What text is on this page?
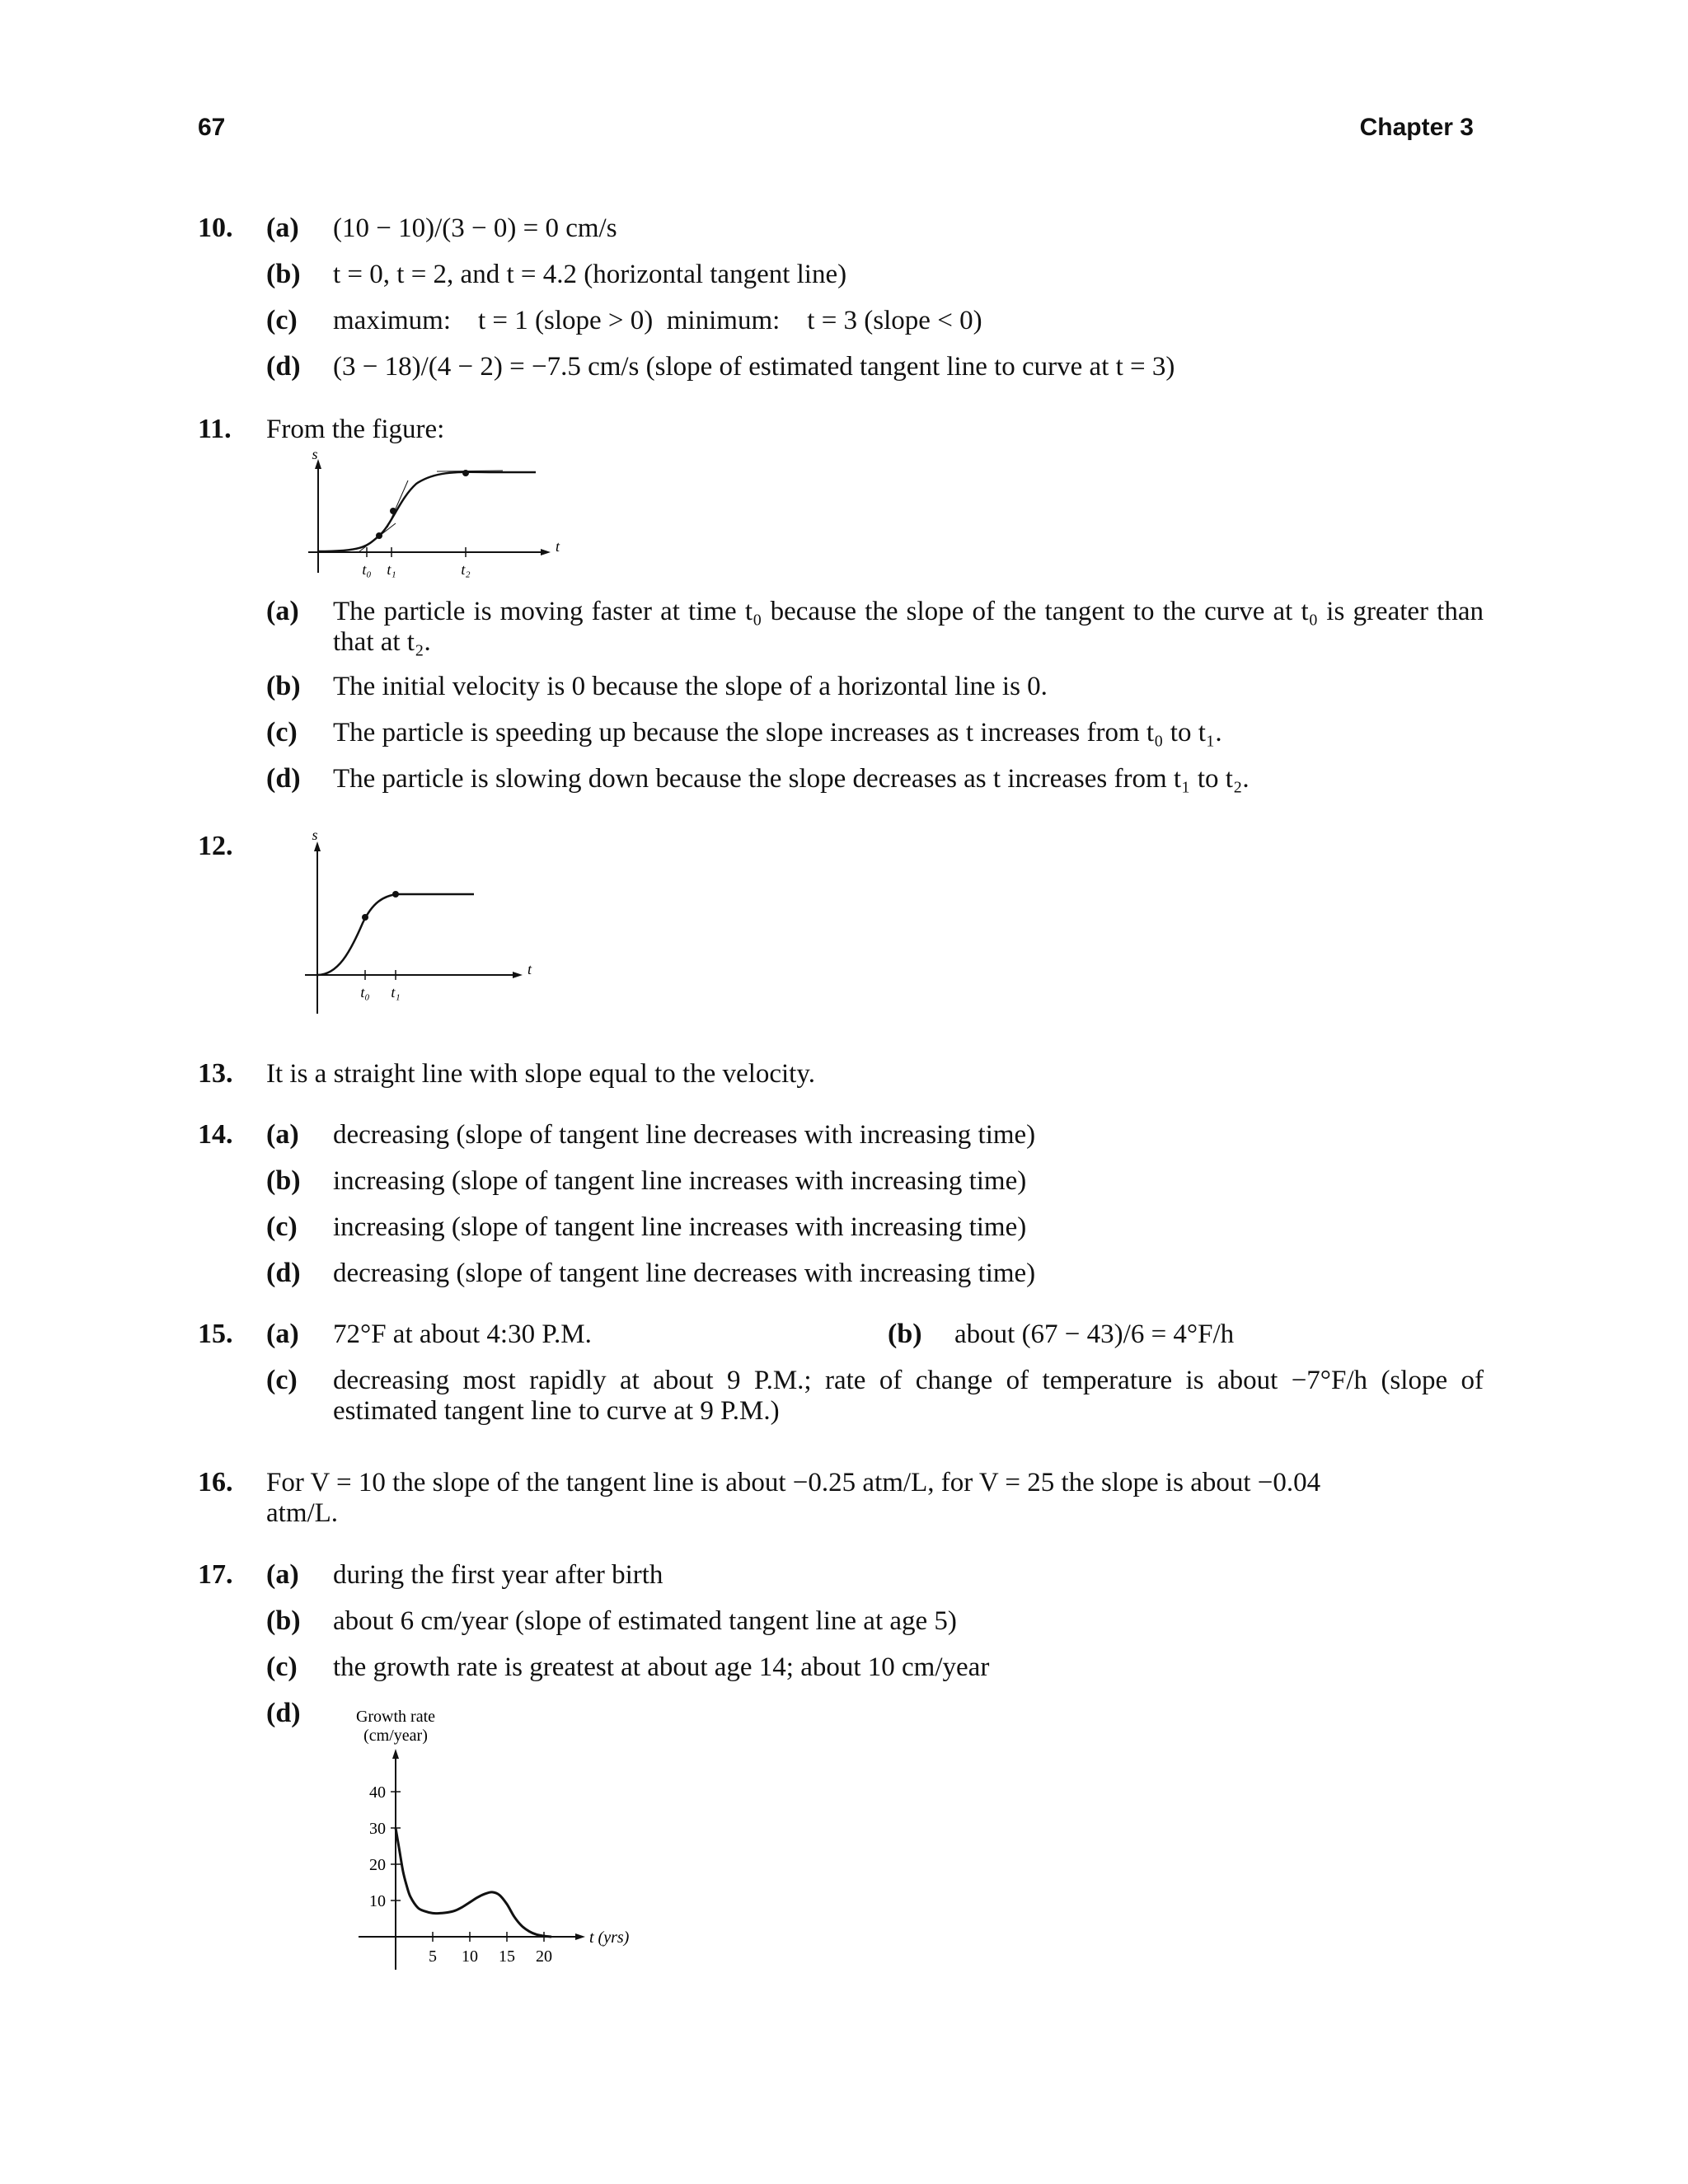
67	Chapter 3
10.	(a)	(10 − 10)/(3 − 0) = 0 cm/s
(b)	t = 0, t = 2, and t = 4.2 (horizontal tangent line)
(c)	maximum:    t = 1 (slope > 0)  minimum:    t = 3 (slope < 0)
(d)	(3 − 18)/(4 − 2) = −7.5 cm/s (slope of estimated tangent line to curve at t = 3)
11.	From the figure:
s
t
t₀ t₁	t₂
(a)	The particle is moving faster at time t₀ because the slope of the tangent to the curve at t₀ is greater than that at t₂.
(b)	The initial velocity is 0 because the slope of a horizontal line is 0.
(c)	The particle is speeding up because the slope increases as t increases from t₀ to t₁.
(d)	The particle is slowing down because the slope decreases as t increases from t₁ to t₂.
12.	s
t
t₀ t₁
13.	It is a straight line with slope equal to the velocity.
14.	(a)	decreasing (slope of tangent line decreases with increasing time)
(b)	increasing (slope of tangent line increases with increasing time)
(c)	increasing (slope of tangent line increases with increasing time)
(d)	decreasing (slope of tangent line decreases with increasing time)
15.	(a)	72°F at about 4:30 P.M.	(b)	about (67 − 43)/6 = 4°F/h
(c)	decreasing most rapidly at about 9 P.M.; rate of change of temperature is about −7°F/h (slope of estimated tangent line to curve at 9 P.M.)
16.	For V = 10 the slope of the tangent line is about −0.25 atm/L, for V = 25 the slope is about −0.04 atm/L.
17.	(a)	during the first year after birth
(b)	about 6 cm/year (slope of estimated tangent line at age 5)
(c)	the growth rate is greatest at about age 14; about 10 cm/year
(d)	Growth rate
(cm/year)
t (yrs)
5 10 15 20
10
20
30
40
